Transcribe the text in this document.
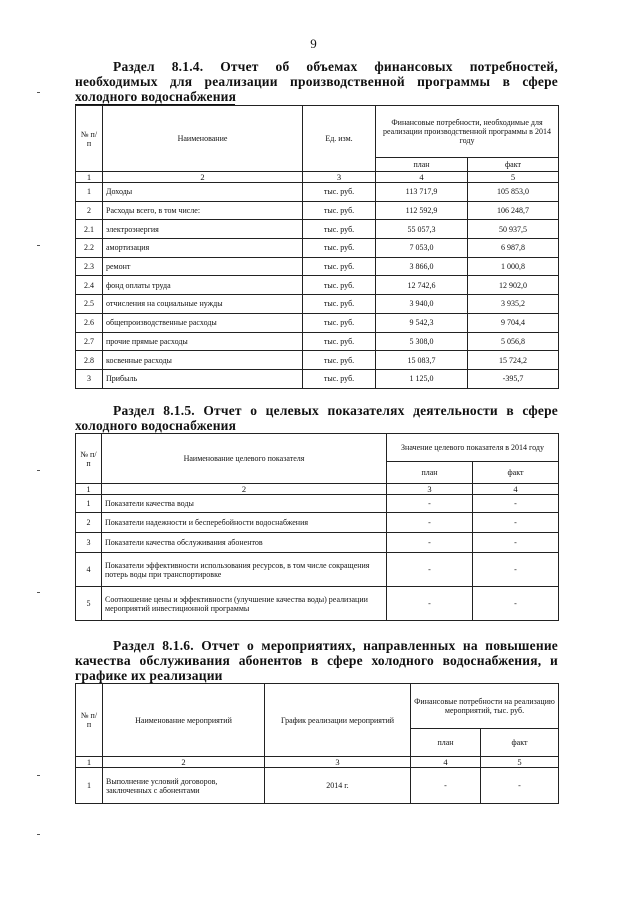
9
Раздел 8.1.4. Отчет об объемах финансовых потребностей, необходимых для реализации производственной программы в сфере холодного водоснабжения
№ п/п	Наименование	Ед. изм.	Финансовые потребности, необходимые для реализации производственной программы в 2014 году	
			план	факт
1	2	3	4	5
1	Доходы	тыс. руб.	113 717,9	105 853,0
2	Расходы всего, в том числе:	тыс. руб.	112 592,9	106 248,7
2.1	электроэнергия	тыс. руб.	55 057,3	50 937,5
2.2	амортизация	тыс. руб.	7 053,0	6 987,8
2.3	ремонт	тыс. руб.	3 866,0	1 000,8
2.4	фонд оплаты труда	тыс. руб.	12 742,6	12 902,0
2.5	отчисления на социальные нужды	тыс. руб.	3 940,0	3 935,2
2.6	общепроизводственные расходы	тыс. руб.	9 542,3	9 704,4
2.7	прочие прямые расходы	тыс. руб.	5 308,0	5 056,8
2.8	косвенные расходы	тыс. руб.	15 083,7	15 724,2
3	Прибыль	тыс. руб.	1 125,0	-395,7
Раздел 8.1.5. Отчет о целевых показателях деятельности в сфере холодного водоснабжения
№ п/п	Наименование целевого показателя	Значение целевого показателя в 2014 году	
		план	факт
1	2	3	4
1	Показатели качества воды	-	-
2	Показатели надежности и бесперебойности водоснабжения	-	-
3	Показатели качества обслуживания абонентов	-	-
4	Показатели эффективности использования ресурсов, в том числе сокращения потерь воды при транспортировке	-	-
5	Соотношение цены и эффективности (улучшение качества воды) реализации мероприятий инвестиционной программы	-	-
Раздел 8.1.6. Отчет о мероприятиях, направленных на повышение качества обслуживания абонентов в сфере холодного водоснабжения, и графике их реализации
№ п/п	Наименование мероприятий	График реализации мероприятий	Финансовые потребности на реализацию мероприятий, тыс. руб.	
			план	факт
1	2	3	4	5
1	Выполнение условий договоров, заключенных с абонентами	2014 г.	-	-
